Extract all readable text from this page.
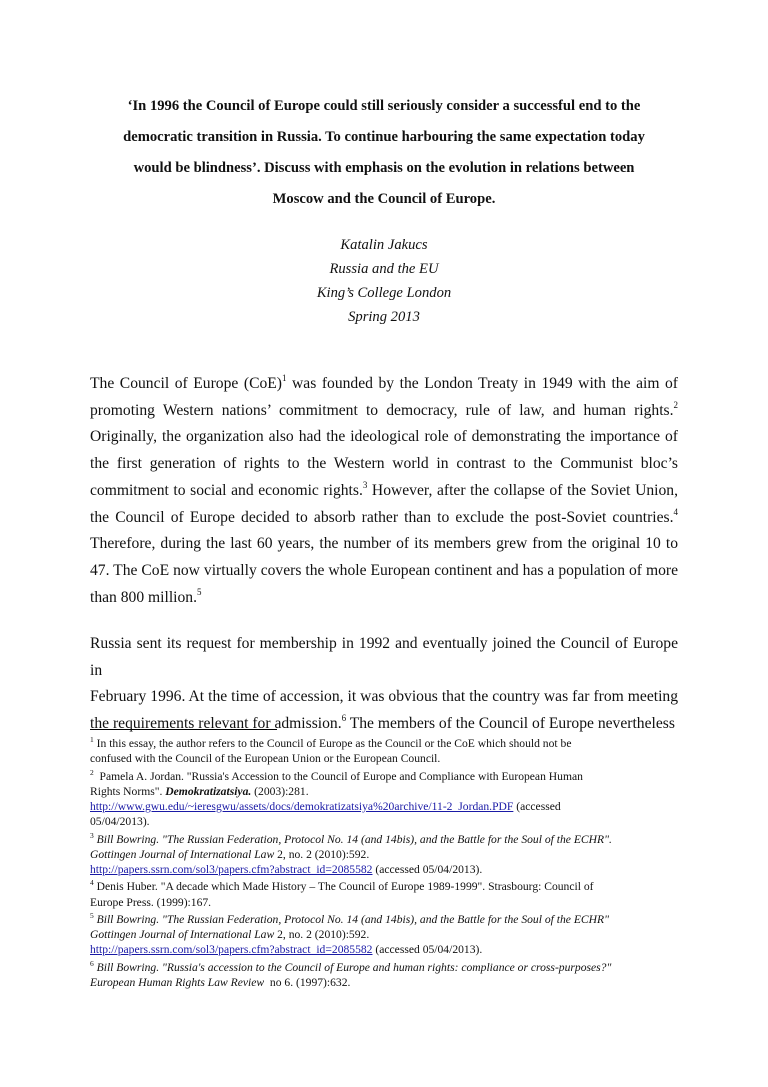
‘In 1996 the Council of Europe could still seriously consider a successful end to the
democratic transition in Russia. To continue harbouring the same expectation today
would be blindness’. Discuss with emphasis on the evolution in relations between
Moscow and the Council of Europe.
Katalin Jakucs
Russia and the EU
King’s College London
Spring 2013
The Council of Europe (CoE)$^1$ was founded by the London Treaty in 1949 with the aim of
promoting Western nations’ commitment to democracy, rule of law, and human rights.$^2$
Originally, the organization also had the ideological role of demonstrating the importance of
the first generation of rights to the Western world in contrast to the Communist bloc’s
commitment to social and economic rights.$^3$ However, after the collapse of the Soviet Union,
the Council of Europe decided to absorb rather than to exclude the post-Soviet countries.$^4$
Therefore, during the last 60 years, the number of its members grew from the original 10 to
47. The CoE now virtually covers the whole European continent and has a population of more
than 800 million.$^5$
Russia sent its request for membership in 1992 and eventually joined the Council of Europe in
February 1996. At the time of accession, it was obvious that the country was far from meeting
the requirements relevant for admission.$^6$ The members of the Council of Europe nevertheless
$^1$ In this essay, the author refers to the Council of Europe as the Council or the CoE which should not be
confused with the Council of the European Union or the European Council.
$^2$  Pamela A. Jordan. "Russia's Accession to the Council of Europe and Compliance with European Human
Rights Norms". Demokratizatsiya. (2003):281.
http://www.gwu.edu/~ieresgwu/assets/docs/demokratizatsiya%20archive/11-2_Jordan.PDF (accessed
05/04/2013).
$^3$ Bill Bowring. "The Russian Federation, Protocol No. 14 (and 14bis), and the Battle for the Soul of the ECHR".
Gottingen Journal of International Law 2, no. 2 (2010):592.
http://papers.ssrn.com/sol3/papers.cfm?abstract_id=2085582 (accessed 05/04/2013).
$^4$ Denis Huber. "A decade which Made History – The Council of Europe 1989-1999". Strasbourg: Council of
Europe Press. (1999):167.
$^5$ Bill Bowring. "The Russian Federation, Protocol No. 14 (and 14bis), and the Battle for the Soul of the ECHR"
Gottingen Journal of International Law 2, no. 2 (2010):592.
http://papers.ssrn.com/sol3/papers.cfm?abstract_id=2085582 (accessed 05/04/2013).
$^6$ Bill Bowring. "Russia's accession to the Council of Europe and human rights: compliance or cross-purposes?"
European Human Rights Law Review  no 6. (1997):632.
